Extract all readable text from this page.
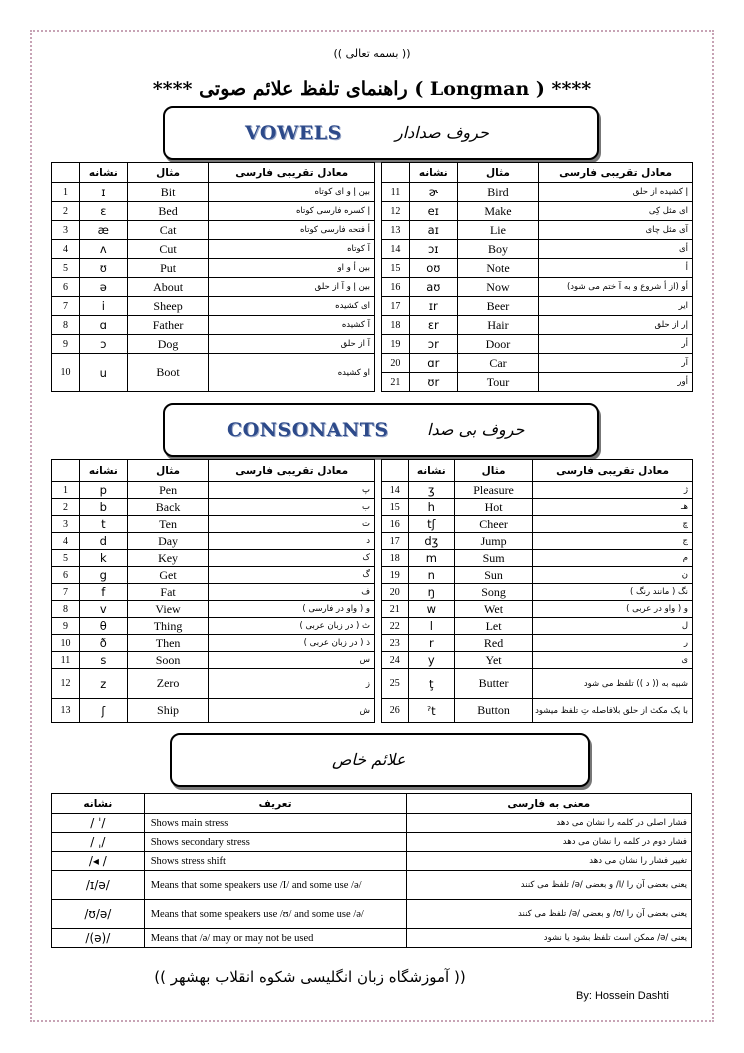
(( بسمه تعالی ))
**** راهنمای تلفظ علائم صوتی ( Longman ) ****
VOWELS	حروف صدادار
	نشانه	مثال	معادل تقریبی فارسی
1	ɪ	Bit	بین إ و ای کوتاه
2	ɛ	Bed	إ کسره فارسی کوتاه
3	æ	Cat	أ فتحه فارسی کوتاه
4	ʌ	Cut	آ کوتاه
5	ʊ	Put	بین أ و او
6	ə	About	بین إ و آ از حلق
7	i	Sheep	ای کشیده
8	ɑ	Father	آ کشیده
9	ɔ	Dog	آ از حلق
10	u	Boot	او کشیده
	نشانه	مثال	معادل تقریبی فارسی
11	ɚ	Bird	إ کشیده از حلق
12	eɪ	Make	ای مثل کِی
13	aɪ	Lie	آی مثل چای
14	ɔɪ	Boy	أی
15	oʊ	Note	أ
16	aʊ	Now	أو (از أ شروع و به آ ختم می شود)
17	ɪr	Beer	ایر
18	ɛr	Hair	إر از حلق
19	ɔr	Door	أر
20	ɑr	Car	آر
21	ʊr	Tour	أور
CONSONANTS حروف بی صدا
	نشانه	مثال	معادل تقریبی فارسی
1	p	Pen	پ
2	b	Back	ب
3	t	Ten	ت
4	d	Day	د
5	k	Key	ک
6	g	Get	گ
7	f	Fat	ف
8	v	View	و ( واو در فارسی )
9	θ	Thing	ث ( در زبان عربی )
10	ð	Then	ذ ( در زبان عربی )
11	s	Soon	س
12	z	Zero	ز
13	ʃ	Ship	ش
	نشانه	مثال	معادل تقریبی فارسی
14	ʒ	Pleasure	ژ
15	h	Hot	هـ
16	tʃ	Cheer	چ
17	dʒ	Jump	ج
18	m	Sum	م
19	n	Sun	ن
20	ŋ	Song	نگ ( مانند رنگ )
21	w	Wet	و ( واو در عربی )
22	l	Let	ل
23	r	Red	ر
24	y	Yet	ی
25	ţ	Butter	شبیه به (( د )) تلفظ می شود
26	ˀt	Button	با یک مکث از حلق بلافاصله تِ تلفظ میشود
علائم خاص
نشانه	تعریف	معنی به فارسی
/ ˈ/	Shows main stress	فشار اصلی در کلمه را نشان می دهد
/ ˌ/	Shows secondary stress	فشار دوم در کلمه را نشان می دهد
/◂ /	Shows stress shift	تغییر فشار را نشان می دهد
/ɪ/ə/	Means that some speakers use /I/ and some use /ə/	یعنی بعضی آن را /I/ و بعضی /ə/ تلفظ می کنند
/ʊ/ə/	Means that some speakers use /ʊ/ and some use /ə/	یعنی بعضی آن را /ʊ/ و بعضی /ə/ تلفظ می کنند
/(ə)/	Means that /ə/ may or may not be used	یعنی /ə/ ممکن است تلفظ بشود یا نشود
(( آموزشگاه زبان انگلیسی شکوه انقلاب بهشهر ))
By: Hossein Dashti
